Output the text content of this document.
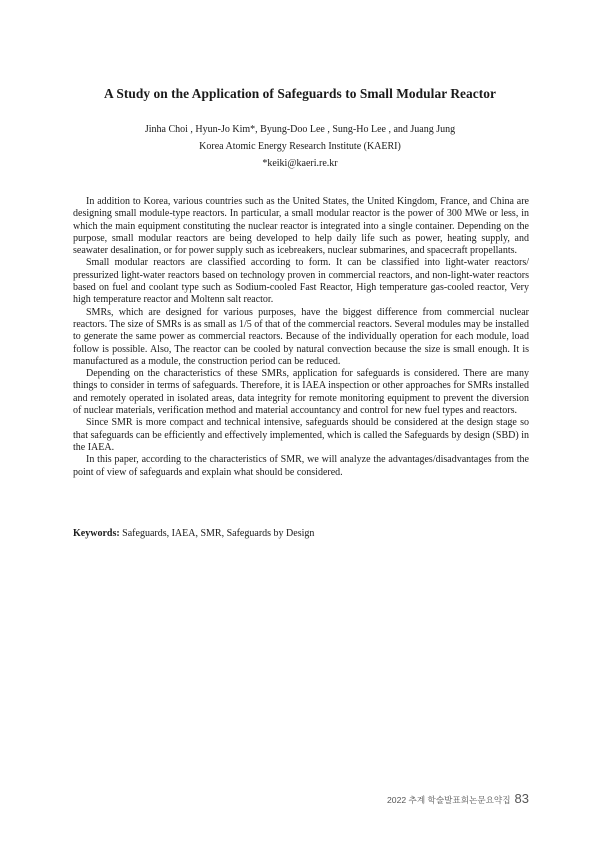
A Study on the Application of Safeguards to Small Modular Reactor
Jinha Choi , Hyun-Jo Kim*, Byung-Doo Lee , Sung-Ho Lee , and Juang Jung
Korea Atomic Energy Research Institute (KAERI)
*keiki@kaeri.re.kr

In addition to Korea, various countries such as the United States, the United Kingdom, France, and China are designing small module-type reactors. In particular, a small modular reactor is the power of 300 MWe or less, in which the main equipment constituting the nuclear reactor is integrated into a single container. Depending on the purpose, small modular reactors are being developed to help daily life such as power, heating supply, and seawater desalination, or for power supply such as icebreakers, nuclear submarines, and spacecraft propellants.

Small modular reactors are classified according to form. It can be classified into light-water reactors/ pressurized light-water reactors based on technology proven in commercial reactors, and non-light-water reactors based on fuel and coolant type such as Sodium-cooled Fast Reactor, High temperature gas-cooled reactor, Very high temperature reactor and Moltenn salt reactor.

SMRs, which are designed for various purposes, have the biggest difference from commercial nuclear reactors. The size of SMRs is as small as 1/5 of that of the commercial reactors. Several modules may be installed to generate the same power as commercial reactors. Because of the individually operation for each module, load follow is possible. Also, The reactor can be cooled by natural convection because the size is small enough. It is manufactured as a module, the construction period can be reduced.

Depending on the characteristics of these SMRs, application for safeguards is considered. There are many things to consider in terms of safeguards. Therefore, it is IAEA inspection or other approaches for SMRs installed and remotely operated in isolated areas, data integrity for remote monitoring equipment to prevent the diversion of nuclear materials, verification method and material accountancy and control for new fuel types and reactors.

Since SMR is more compact and technical intensive, safeguards should be considered at the design stage so that safeguards can be efficiently and effectively implemented, which is called the Safeguards by design (SBD) in the IAEA.

In this paper, according to the characteristics of SMR, we will analyze the advantages/disadvantages from the point of view of safeguards and explain what should be considered.

Keywords: Safeguards, IAEA, SMR, Safeguards by Design
2022 추계 학술발표회논문요약집 83
